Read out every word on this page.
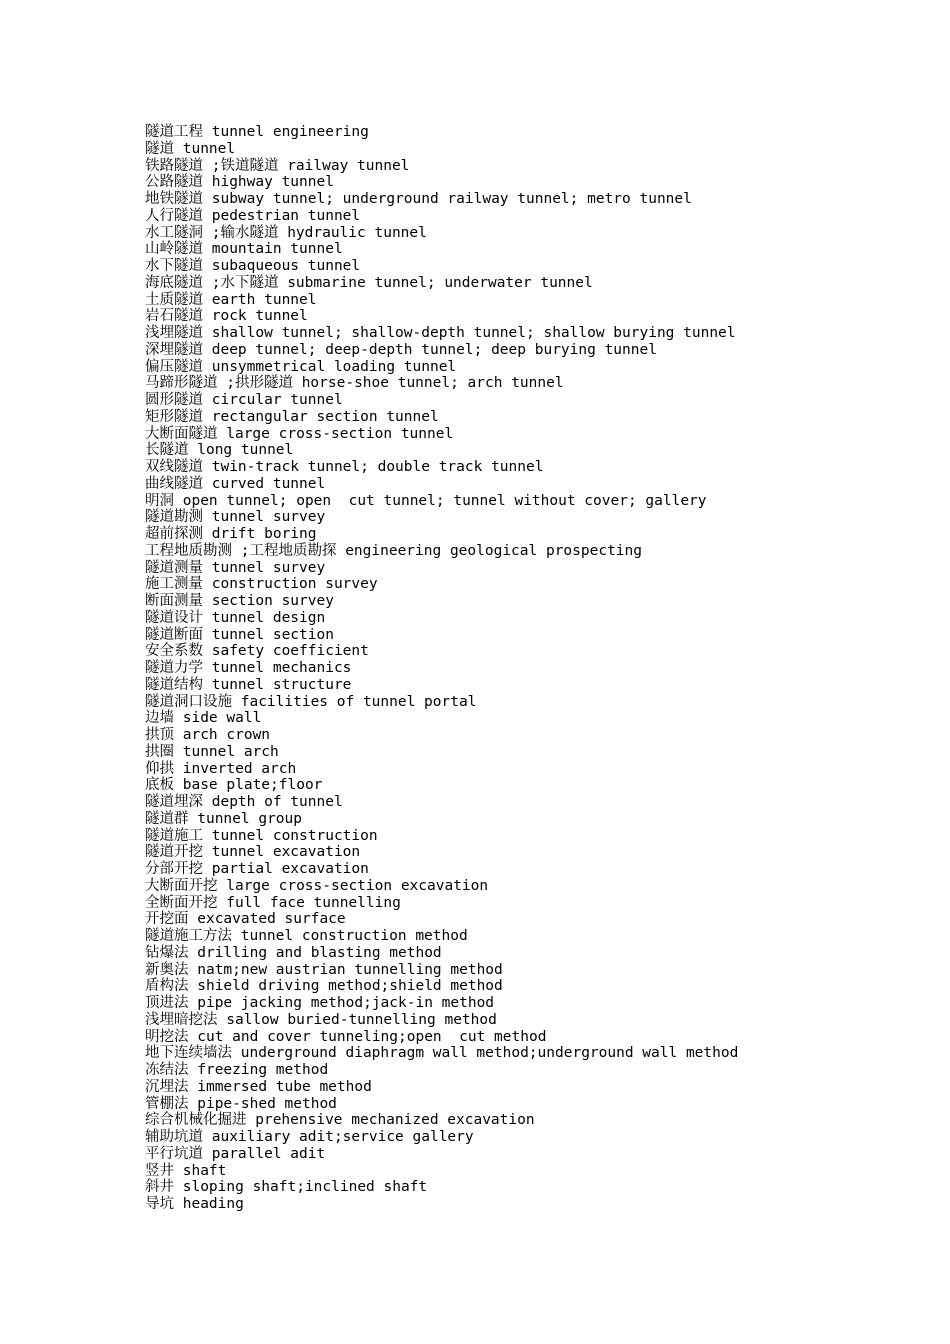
隧道工程 tunnel engineering
隧道 tunnel
铁路隧道 ;铁道隧道 railway tunnel
公路隧道 highway tunnel
地铁隧道 subway tunnel; underground railway tunnel; metro tunnel
人行隧道 pedestrian tunnel
水工隧洞 ;输水隧道 hydraulic tunnel
山岭隧道 mountain tunnel
水下隧道 subaqueous tunnel
海底隧道 ;水下隧道 submarine tunnel; underwater tunnel
土质隧道 earth tunnel
岩石隧道 rock tunnel
浅埋隧道 shallow tunnel; shallow-depth tunnel; shallow burying tunnel
深埋隧道 deep tunnel; deep-depth tunnel; deep burying tunnel
偏压隧道 unsymmetrical loading tunnel
马蹄形隧道 ;拱形隧道 horse-shoe tunnel; arch tunnel
圆形隧道 circular tunnel
矩形隧道 rectangular section tunnel
大断面隧道 large cross-section tunnel
长隧道 long tunnel
双线隧道 twin-track tunnel; double track tunnel
曲线隧道 curved tunnel
明洞 open tunnel; open  cut tunnel; tunnel without cover; gallery
隧道勘测 tunnel survey
超前探测 drift boring
工程地质勘测 ;工程地质勘探 engineering geological prospecting
隧道测量 tunnel survey
施工测量 construction survey
断面测量 section survey
隧道设计 tunnel design
隧道断面 tunnel section
安全系数 safety coefficient
隧道力学 tunnel mechanics
隧道结构 tunnel structure
隧道洞口设施 facilities of tunnel portal
边墙 side wall
拱顶 arch crown
拱圈 tunnel arch
仰拱 inverted arch
底板 base plate;floor
隧道埋深 depth of tunnel
隧道群 tunnel group
隧道施工 tunnel construction
隧道开挖 tunnel excavation
分部开挖 partial excavation
大断面开挖 large cross-section excavation
全断面开挖 full face tunnelling
开挖面 excavated surface
隧道施工方法 tunnel construction method
钻爆法 drilling and blasting method
新奥法 natm;new austrian tunnelling method
盾构法 shield driving method;shield method
顶进法 pipe jacking method;jack-in method
浅埋暗挖法 sallow buried-tunnelling method
明挖法 cut and cover tunneling;open  cut method
地下连续墙法 underground diaphragm wall method;underground wall method
冻结法 freezing method
沉埋法 immersed tube method
管棚法 pipe-shed method
综合机械化掘进 prehensive mechanized excavation
辅助坑道 auxiliary adit;service gallery
平行坑道 parallel adit
竖井 shaft
斜井 sloping shaft;inclined shaft
导坑 heading
